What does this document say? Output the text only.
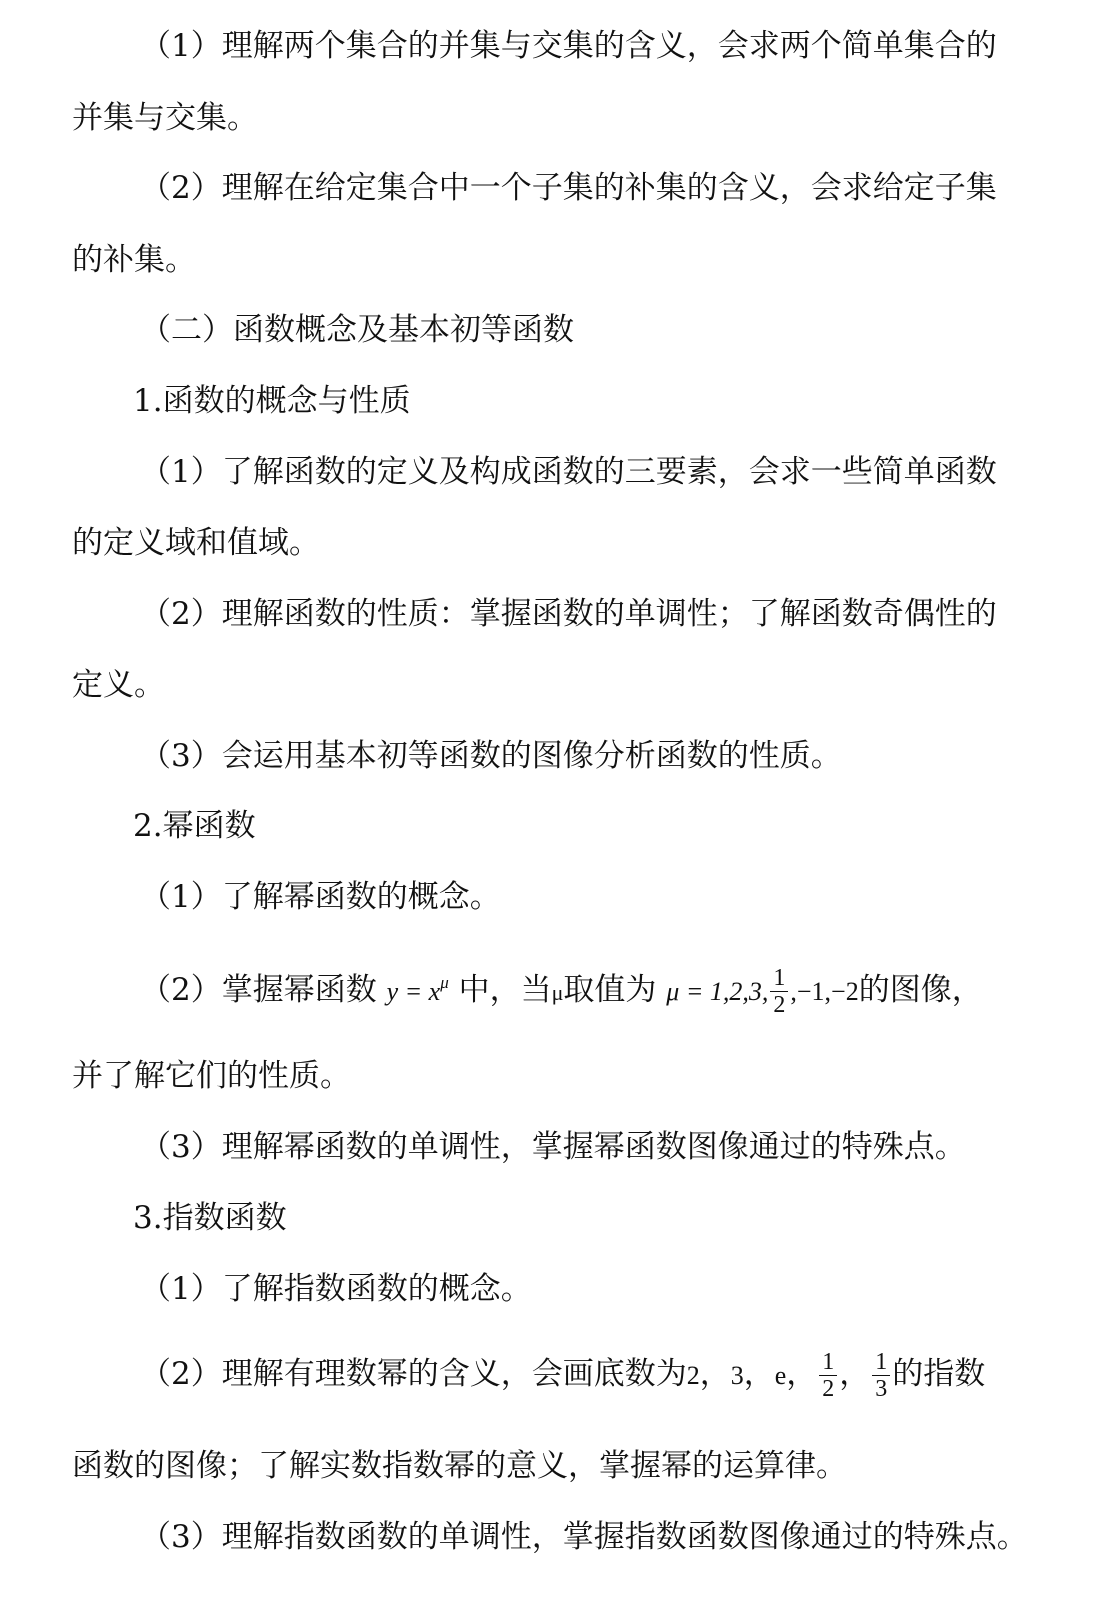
（1）理解两个集合的并集与交集的含义，会求两个简单集合的
并集与交集。
（2）理解在给定集合中一个子集的补集的含义，会求给定子集
的补集。
（二）函数概念及基本初等函数
1.函数的概念与性质
（1）了解函数的定义及构成函数的三要素，会求一些简单函数
的定义域和值域。
（2）理解函数的性质：掌握函数的单调性；了解函数奇偶性的
定义。
（3）会运用基本初等函数的图像分析函数的性质。
2.幂函数
（1）了解幂函数的概念。
（2）掌握幂函数 $y = x^\mu$ 中，当μ取值为 μ = 1,2,3, $\frac{1}{2} ,-1,-2$的图像，
并了解它们的性质。
（3）理解幂函数的单调性，掌握幂函数图像通过的特殊点。
3.指数函数
（1）了解指数函数的概念。
（2）理解有理数幂的含义，会画底数为2，3，e， $\frac{1}{2}$ ， $\frac{1}{3}$ 的指数
函数的图像；了解实数指数幂的意义，掌握幂的运算律。
（3）理解指数函数的单调性，掌握指数函数图像通过的特殊点。
